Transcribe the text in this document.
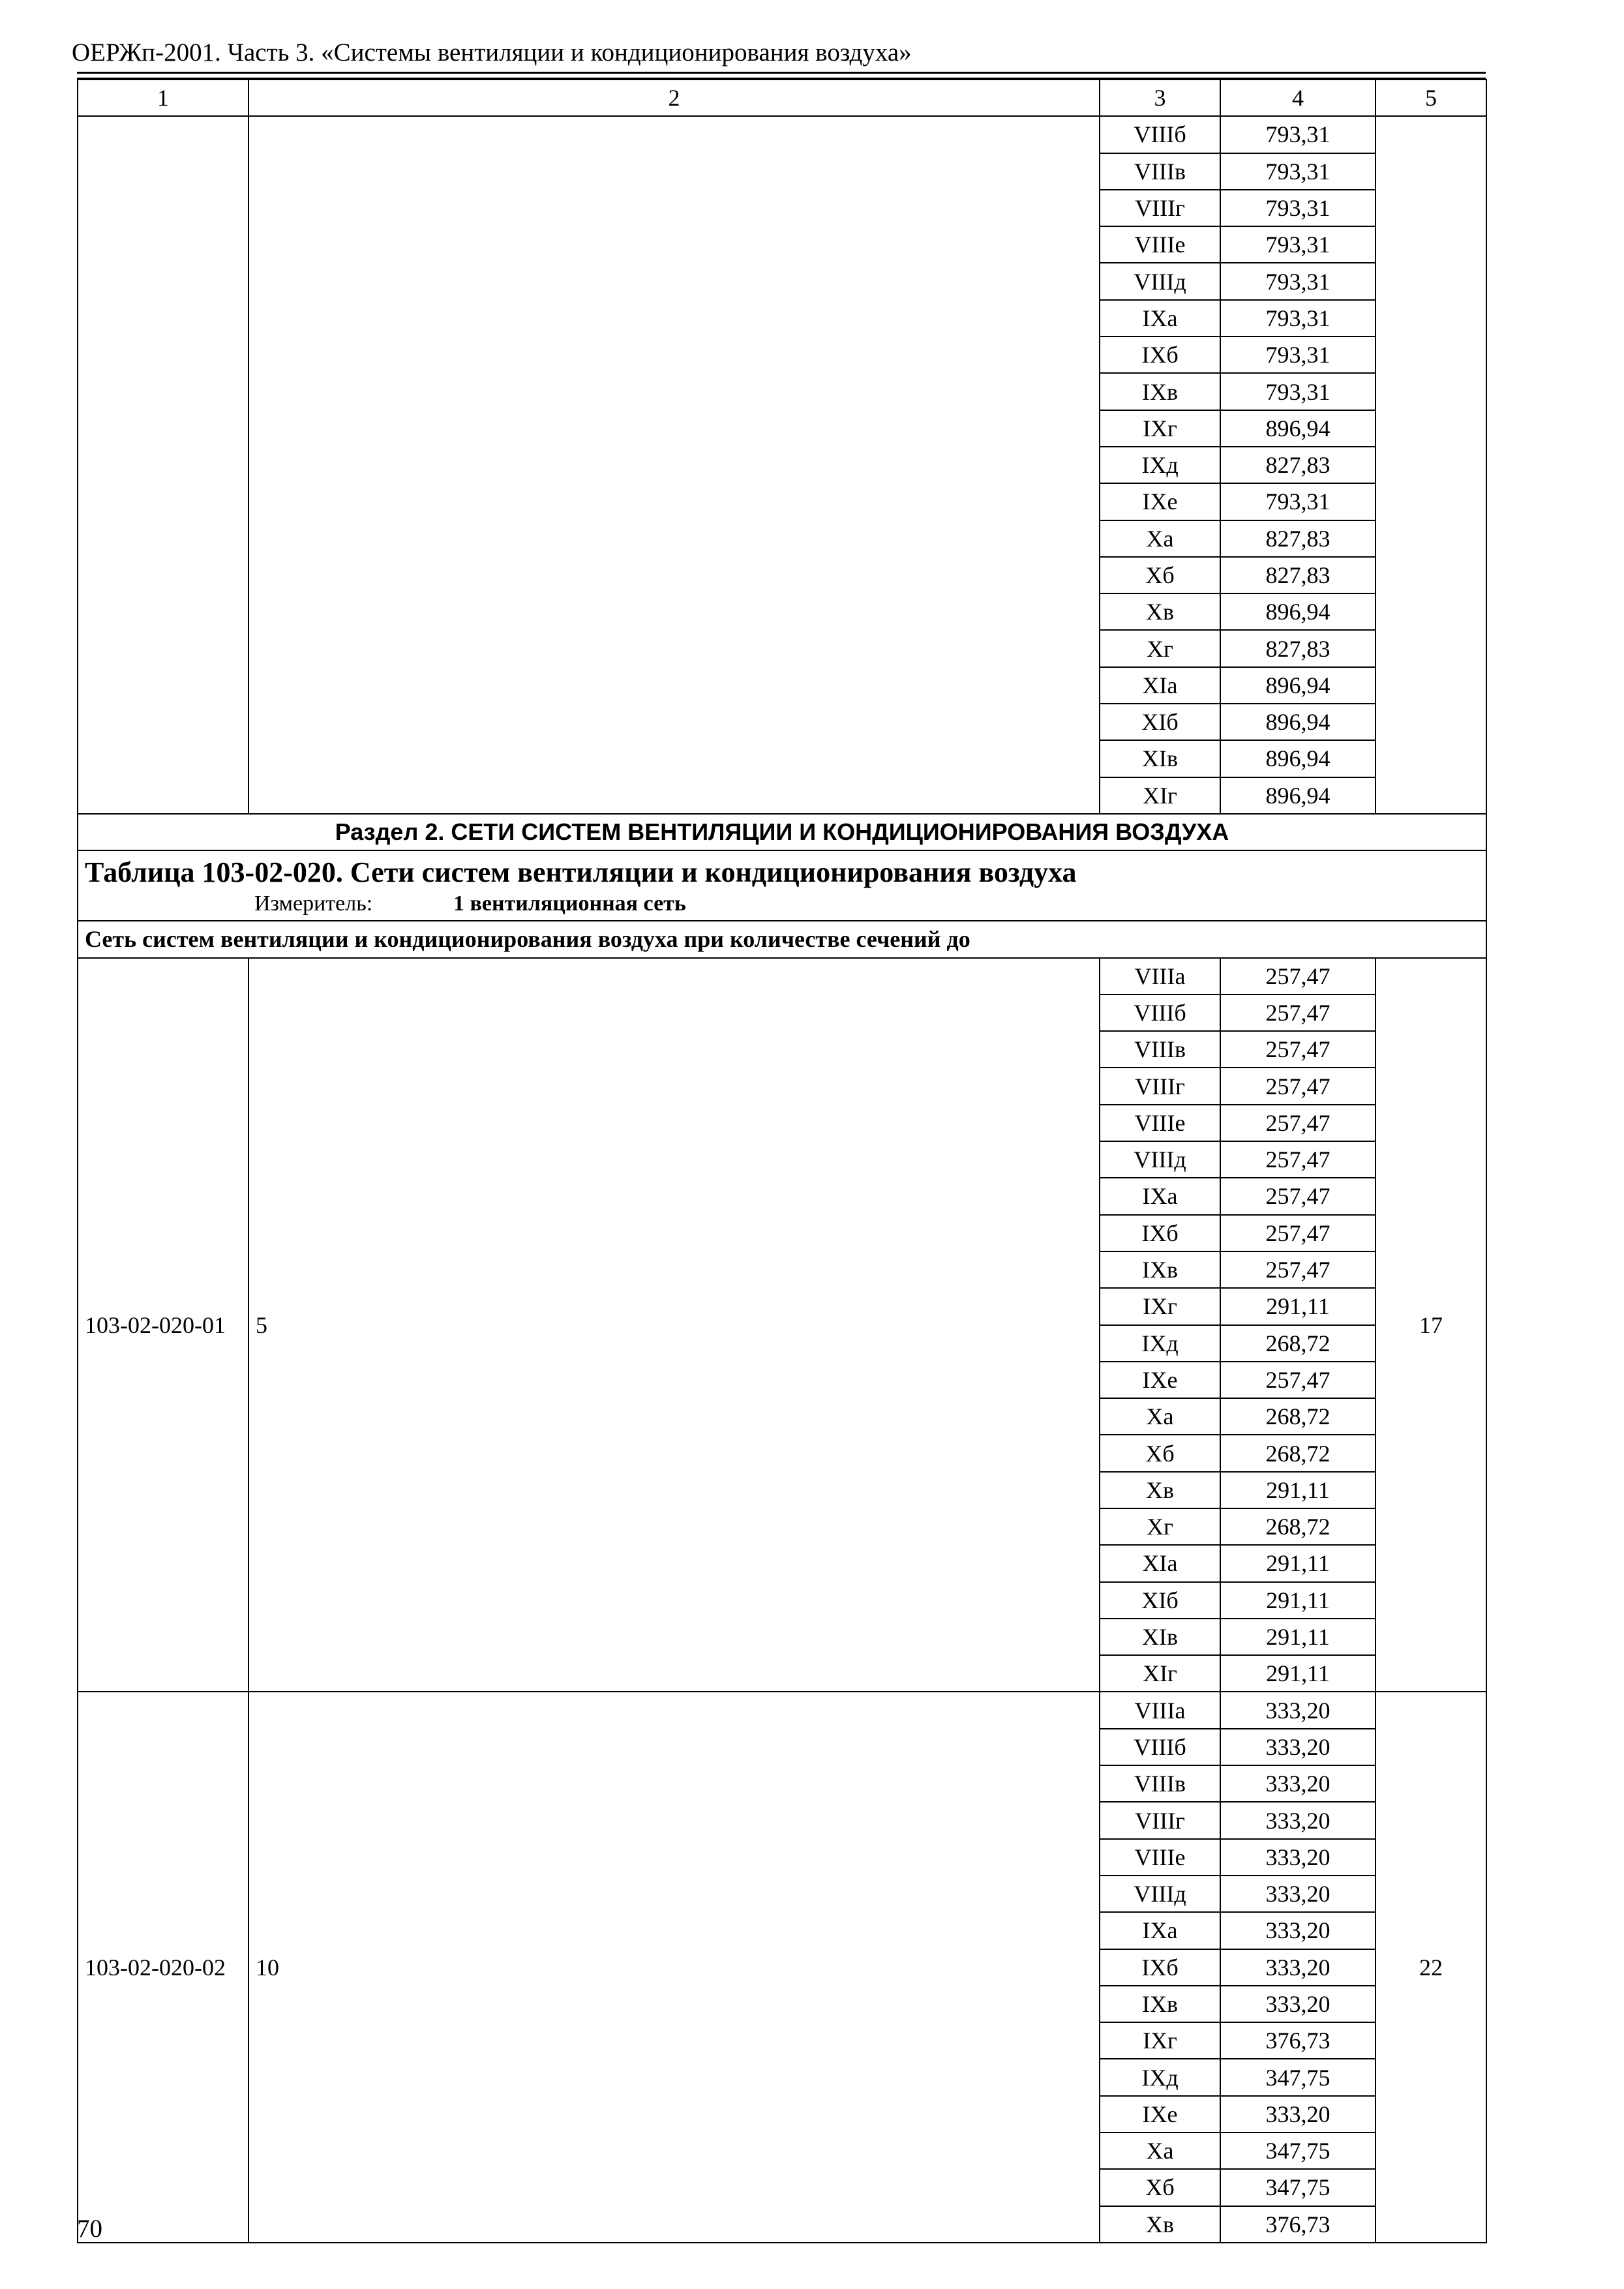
ОЕРЖп-2001. Часть 3. «Системы вентиляции и кондиционирования воздуха»
1	2	3	4	5
		VIIIб	793,31	
		VIIIв	793,31	
		VIIIг	793,31	
		VIIIе	793,31	
		VIIIд	793,31	
		IXа	793,31	
		IXб	793,31	
		IXв	793,31	
		IXг	896,94	
		IXд	827,83	
		IXе	793,31	
		Xа	827,83	
		Xб	827,83	
		Xв	896,94	
		Xг	827,83	
		XIа	896,94	
		XIб	896,94	
		XIв	896,94	
		XIг	896,94	
Раздел 2. СЕТИ СИСТЕМ ВЕНТИЛЯЦИИ И КОНДИЦИОНИРОВАНИЯ ВОЗДУХА				

Таблица 103-02-020. Сети систем вентиляции и кондиционирования воздуха
Измеритель: 1 вентиляционная сеть				

Сеть систем вентиляции и кондиционирования воздуха при количестве сечений до				
103-02-020-01	5	VIIIа	257,47	17
		VIIIб	257,47	
		VIIIв	257,47	
		VIIIг	257,47	
		VIIIе	257,47	
		VIIIд	257,47	
		IXа	257,47	
		IXб	257,47	
		IXв	257,47	
		IXг	291,11	
		IXд	268,72	
		IXе	257,47	
		Xа	268,72	
		Xб	268,72	
		Xв	291,11	
		Xг	268,72	
		XIа	291,11	
		XIб	291,11	
		XIв	291,11	
		XIг	291,11	
103-02-020-02	10	VIIIа	333,20	22
		VIIIб	333,20	
		VIIIв	333,20	
		VIIIг	333,20	
		VIIIе	333,20	
		VIIIд	333,20	
		IXа	333,20	
		IXб	333,20	
		IXв	333,20	
		IXг	376,73	
		IXд	347,75	
		IXе	333,20	
		Xа	347,75	
		Xб	347,75	
		Xв	376,73	
70
